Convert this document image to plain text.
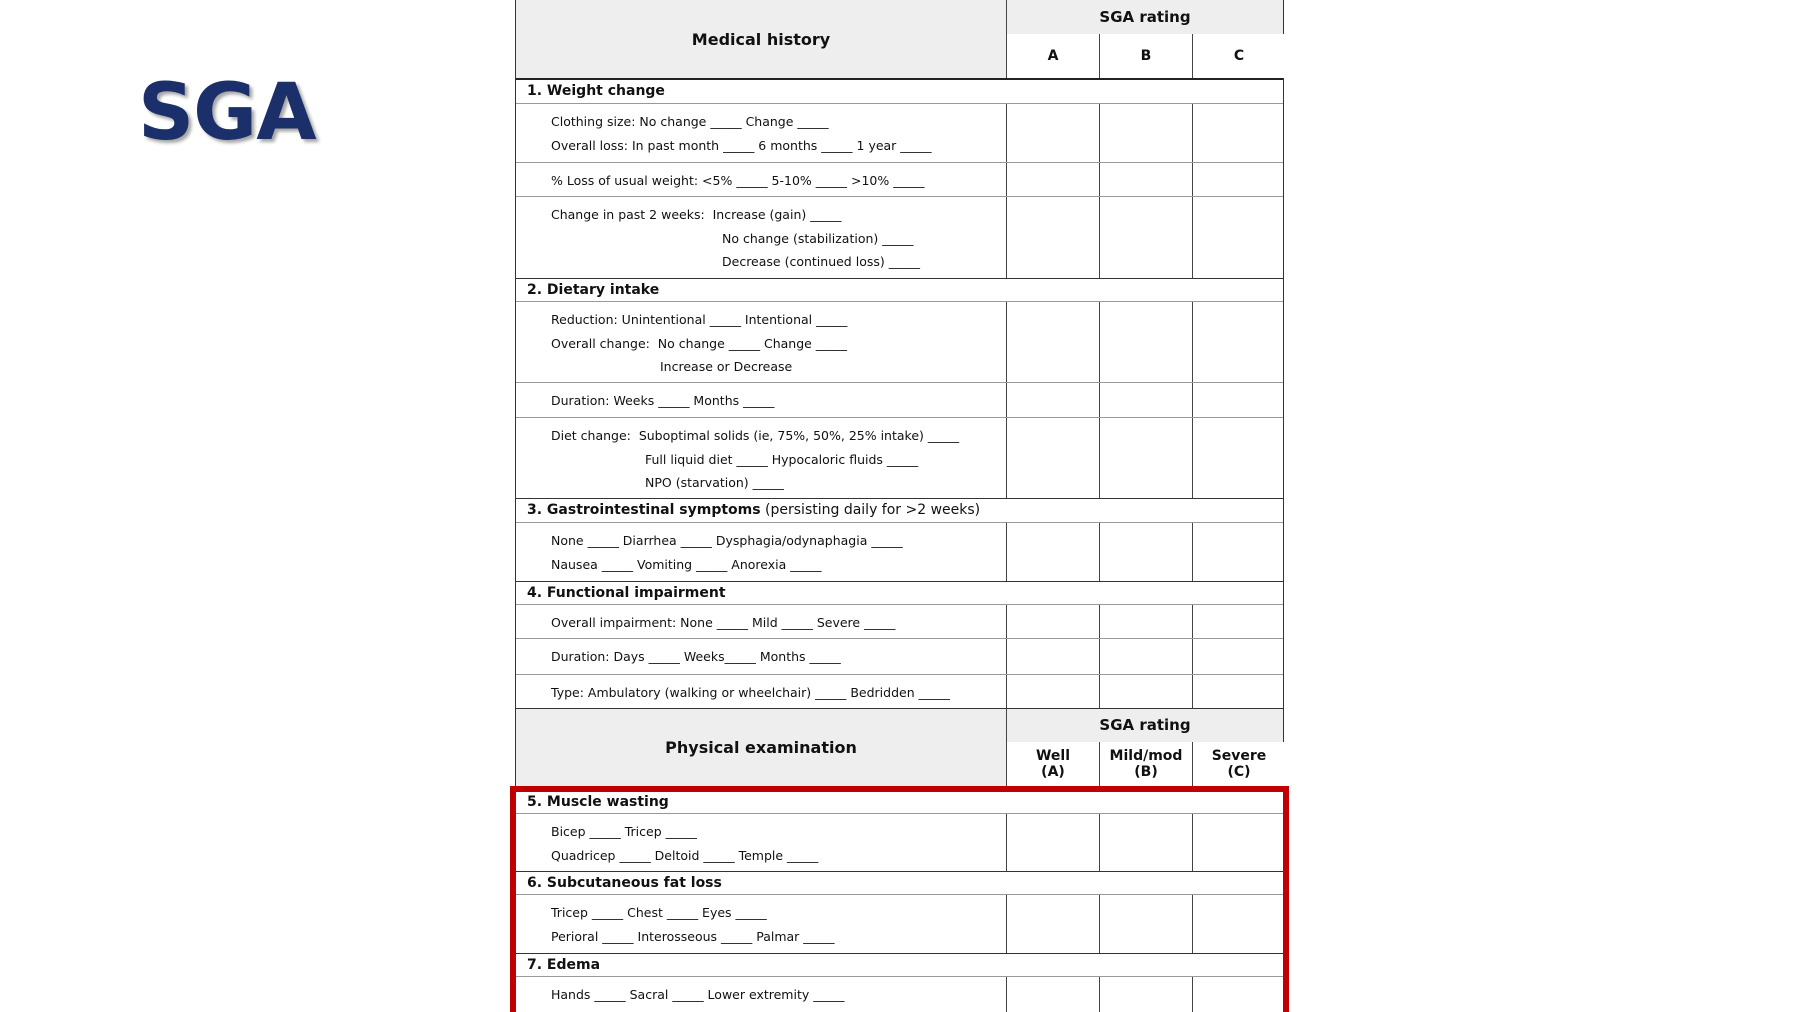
SGA
Medical history
SGA rating
A	B	C
1. Weight change
Clothing size: No change _____ Change _____
Overall loss: In past month _____ 6 months _____ 1 year _____
% Loss of usual weight: <5% _____ 5-10% _____ >10% _____
Change in past 2 weeks:  Increase (gain) _____
No change (stabilization) _____
Decrease (continued loss) _____
2. Dietary intake
Reduction: Unintentional _____ Intentional _____
Overall change:  No change _____ Change _____
Increase or Decrease
Duration: Weeks _____ Months _____
Diet change:  Suboptimal solids (ie, 75%, 50%, 25% intake) _____
Full liquid diet _____ Hypocaloric fluids _____
NPO (starvation) _____
3. Gastrointestinal symptoms (persisting daily for >2 weeks)
None _____ Diarrhea _____ Dysphagia/odynaphagia _____
Nausea _____ Vomiting _____ Anorexia _____
4. Functional impairment
Overall impairment: None _____ Mild _____ Severe _____
Duration: Days _____ Weeks_____ Months _____
Type: Ambulatory (walking or wheelchair) _____ Bedridden _____
Physical examination
SGA rating
Well
(A)
Mild/mod
(B)
Severe
(C)
5. Muscle wasting
Bicep _____ Tricep _____
Quadricep _____ Deltoid _____ Temple _____
6. Subcutaneous fat loss
Tricep _____ Chest _____ Eyes _____
Perioral _____ Interosseous _____ Palmar _____
7. Edema
Hands _____ Sacral _____ Lower extremity _____
